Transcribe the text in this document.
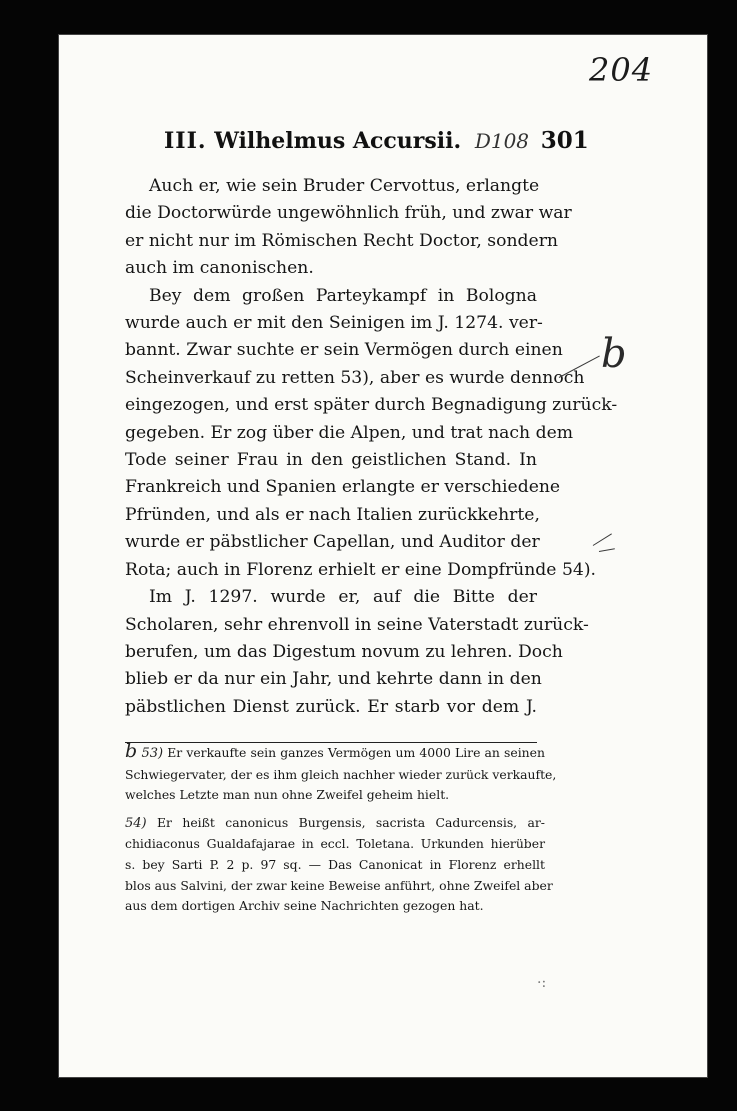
204
III. Wilhelmus Accursii. D108 301
Auch er, wie sein Bruder Cervottus, erlangte
die Doctorwürde ungewöhnlich früh, und zwar war
er nicht nur im Römischen Recht Doctor, sondern
auch im canonischen.
Bey dem großen Parteykampf in Bologna
wurde auch er mit den Seinigen im J. 1274. ver-
bannt. Zwar suchte er sein Vermögen durch einen
Scheinverkauf zu retten 53), aber es wurde dennoch
eingezogen, und erst später durch Begnadigung zurück-
gegeben. Er zog über die Alpen, und trat nach dem
Tode seiner Frau in den geistlichen Stand. In
Frankreich und Spanien erlangte er verschiedene
Pfründen, und als er nach Italien zurückkehrte,
wurde er päbstlicher Capellan, und Auditor der
Rota; auch in Florenz erhielt er eine Dompfründe 54).
Im J. 1297. wurde er, auf die Bitte der
Scholaren, sehr ehrenvoll in seine Vaterstadt zurück-
berufen, um das Digestum novum zu lehren. Doch
blieb er da nur ein Jahr, und kehrte dann in den
päbstlichen Dienst zurück. Er starb vor dem J.
b 53) Er verkaufte sein ganzes Vermögen um 4000 Lire an seinen
Schwiegervater, der es ihm gleich nachher wieder zurück verkaufte,
welches Letzte man nun ohne Zweifel geheim hielt.
54) Er heißt canonicus Burgensis, sacrista Cadurcensis, ar-
chidiaconus Gualdafajarae in eccl. Toletana. Urkunden hierüber
s. bey Sarti P. 2 p. 97 sq. — Das Canonicat in Florenz erhellt
blos aus Salvini, der zwar keine Beweise anführt, ohne Zweifel aber
aus dem dortigen Archiv seine Nachrichten gezogen hat.
b
·:
